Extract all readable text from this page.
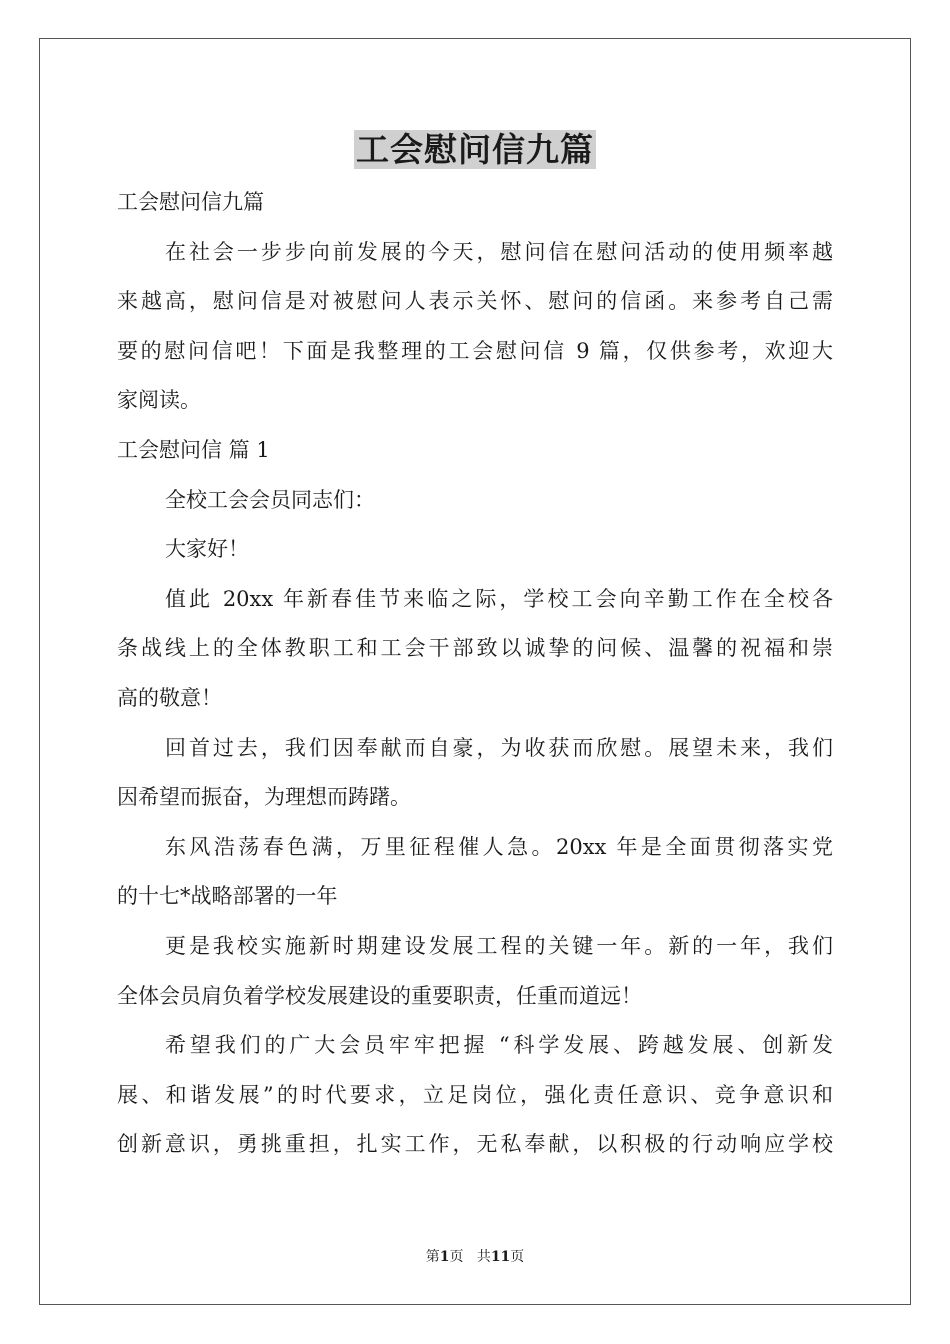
工会慰问信九篇
工会慰问信九篇
在社会一步步向前发展的今天，慰问信在慰问活动的使用频率越
来越高，慰问信是对被慰问人表示关怀、慰问的信函。来参考自己需
要的慰问信吧！下面是我整理的工会慰问信 9 篇，仅供参考，欢迎大
家阅读。
工会慰问信 篇 1
全校工会会员同志们：
大家好！
值此 20xx 年新春佳节来临之际，学校工会向辛勤工作在全校各
条战线上的全体教职工和工会干部致以诚挚的问候、温馨的祝福和崇
高的敬意！
回首过去，我们因奉献而自豪，为收获而欣慰。展望未来，我们
因希望而振奋，为理想而踌躇。
东风浩荡春色满，万里征程催人急。20xx 年是全面贯彻落实党
的十七*战略部署的一年
更是我校实施新时期建设发展工程的关键一年。新的一年，我们
全体会员肩负着学校发展建设的重要职责，任重而道远！
希望我们的广大会员牢牢把握 “科学发展、跨越发展、创新发
展、和谐发展”的时代要求，立足岗位，强化责任意识、竞争意识和
创新意识，勇挑重担，扎实工作，无私奉献，以积极的行动响应学校
第1页 共11页
